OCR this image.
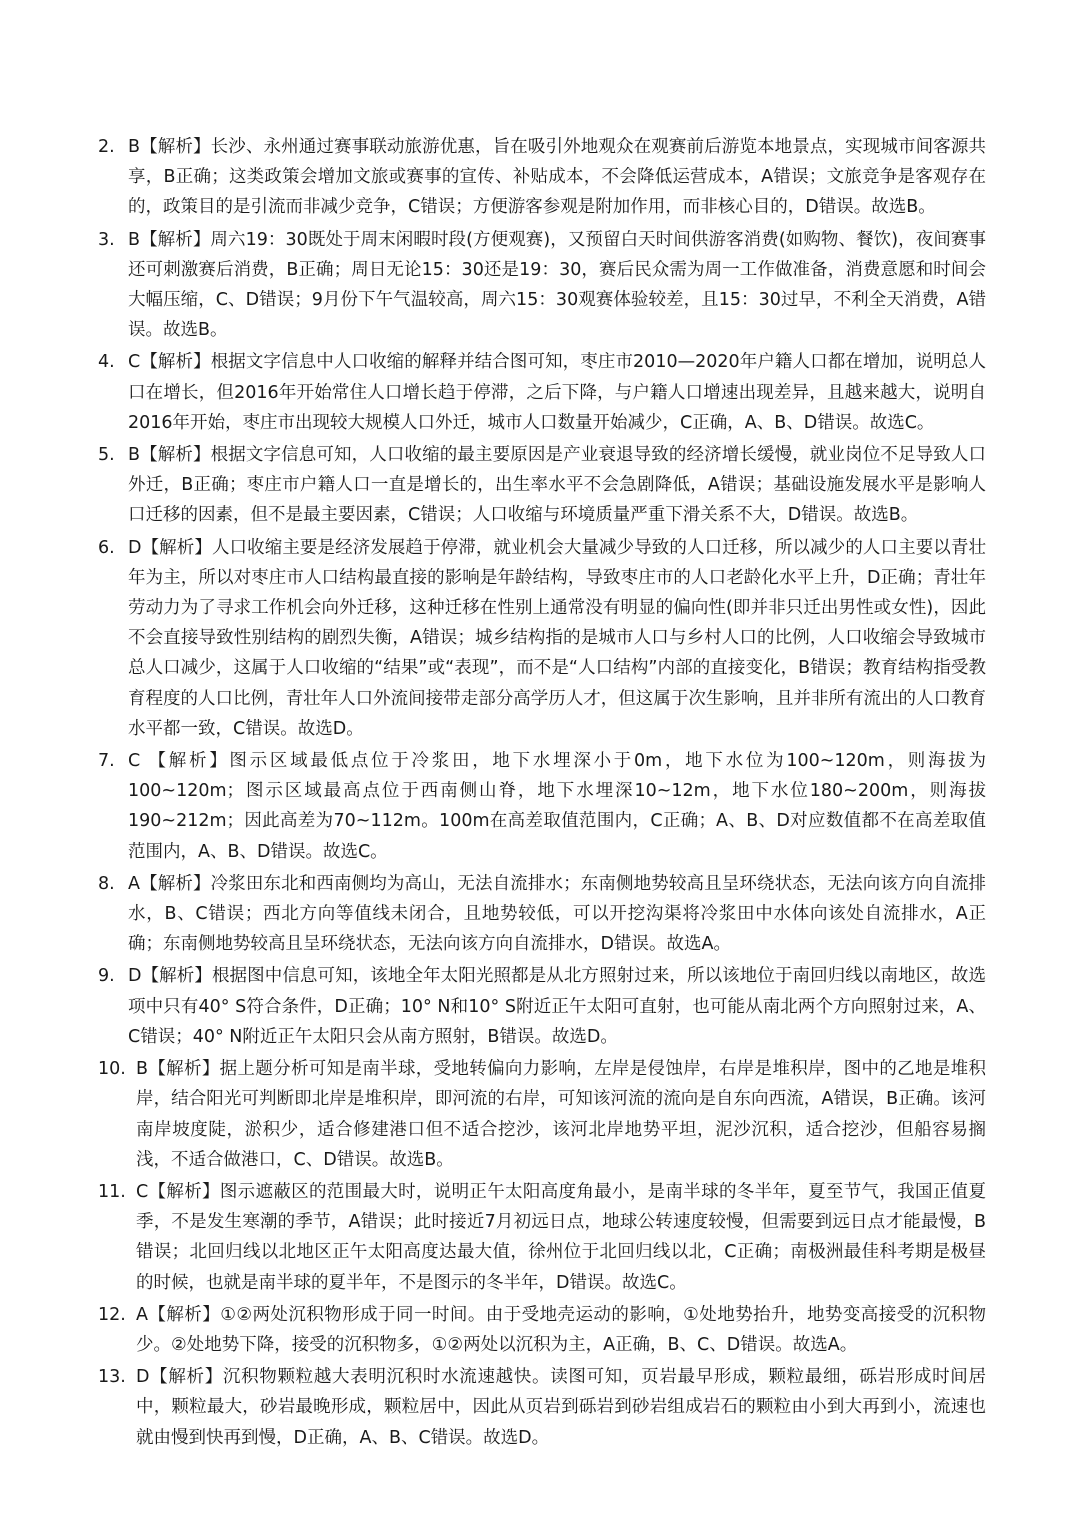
2. B【解析】长沙、永州通过赛事联动旅游优惠，旨在吸引外地观众在观赛前后游览本地景点，实现城市间客源共享，B正确；这类政策会增加文旅或赛事的宣传、补贴成本，不会降低运营成本，A错误；文旅竞争是客观存在的，政策目的是引流而非减少竞争，C错误；方便游客参观是附加作用，而非核心目的，D错误。故选B。
3. B【解析】周六19：30既处于周末闲暇时段(方便观赛)，又预留白天时间供游客消费(如购物、餐饮)，夜间赛事还可刺激赛后消费，B正确；周日无论15：30还是19：30，赛后民众需为周一工作做准备，消费意愿和时间会大幅压缩，C、D错误；9月份下午气温较高，周六15：30观赛体验较差，且15：30过早，不利全天消费，A错误。故选B。
4. C【解析】根据文字信息中人口收缩的解释并结合图可知，枣庄市2010—2020年户籍人口都在增加，说明总人口在增长，但2016年开始常住人口增长趋于停滞，之后下降，与户籍人口增速出现差异，且越来越大，说明自2016年开始，枣庄市出现较大规模人口外迁，城市人口数量开始减少，C正确，A、B、D错误。故选C。
5. B【解析】根据文字信息可知，人口收缩的最主要原因是产业衰退导致的经济增长缓慢，就业岗位不足导致人口外迁，B正确；枣庄市户籍人口一直是增长的，出生率水平不会急剧降低，A错误；基础设施发展水平是影响人口迁移的因素，但不是最主要因素，C错误；人口收缩与环境质量严重下滑关系不大，D错误。故选B。
6. D【解析】人口收缩主要是经济发展趋于停滞，就业机会大量减少导致的人口迁移，所以减少的人口主要以青壮年为主，所以对枣庄市人口结构最直接的影响是年龄结构，导致枣庄市的人口老龄化水平上升，D正确；青壮年劳动力为了寻求工作机会向外迁移，这种迁移在性别上通常没有明显的偏向性(即并非只迁出男性或女性)，因此不会直接导致性别结构的剧烈失衡，A错误；城乡结构指的是城市人口与乡村人口的比例，人口收缩会导致城市总人口减少，这属于人口收缩的“结果”或“表现”，而不是“人口结构”内部的直接变化，B错误；教育结构指受教育程度的人口比例，青壮年人口外流间接带走部分高学历人才，但这属于次生影响，且并非所有流出的人口教育水平都一致，C错误。故选D。
7. C 【解析】图示区域最低点位于冷浆田，地下水埋深小于0m，地下水位为100~120m，则海拔为100~120m；图示区域最高点位于西南侧山脊，地下水埋深10~12m，地下水位180~200m，则海拔190~212m；因此高差为70~112m。100m在高差取值范围内，C正确；A、B、D对应数值都不在高差取值范围内，A、B、D错误。故选C。
8. A【解析】冷浆田东北和西南侧均为高山，无法自流排水；东南侧地势较高且呈环绕状态，无法向该方向自流排水，B、C错误；西北方向等值线未闭合，且地势较低，可以开挖沟渠将冷浆田中水体向该处自流排水，A正确；东南侧地势较高且呈环绕状态，无法向该方向自流排水，D错误。故选A。
9. D【解析】根据图中信息可知，该地全年太阳光照都是从北方照射过来，所以该地位于南回归线以南地区，故选项中只有40° S符合条件，D正确；10° N和10° S附近正午太阳可直射，也可能从南北两个方向照射过来，A、C错误；40° N附近正午太阳只会从南方照射，B错误。故选D。
10. B【解析】据上题分析可知是南半球，受地转偏向力影响，左岸是侵蚀岸，右岸是堆积岸，图中的乙地是堆积岸，结合阳光可判断即北岸是堆积岸，即河流的右岸，可知该河流的流向是自东向西流，A错误，B正确。该河南岸坡度陡，淤积少，适合修建港口但不适合挖沙，该河北岸地势平坦，泥沙沉积，适合挖沙，但船容易搁浅，不适合做港口，C、D错误。故选B。
11. C【解析】图示遮蔽区的范围最大时，说明正午太阳高度角最小，是南半球的冬半年，夏至节气，我国正值夏季，不是发生寒潮的季节，A错误；此时接近7月初远日点，地球公转速度较慢，但需要到远日点才能最慢，B错误；北回归线以北地区正午太阳高度达最大值，徐州位于北回归线以北，C正确；南极洲最佳科考期是极昼的时候，也就是南半球的夏半年，不是图示的冬半年，D错误。故选C。
12. A【解析】①②两处沉积物形成于同一时间。由于受地壳运动的影响，①处地势抬升，地势变高接受的沉积物少。②处地势下降，接受的沉积物多，①②两处以沉积为主，A正确，B、C、D错误。故选A。
13. D【解析】沉积物颗粒越大表明沉积时水流速越快。读图可知，页岩最早形成，颗粒最细，砾岩形成时间居中，颗粒最大，砂岩最晚形成，颗粒居中，因此从页岩到砾岩到砂岩组成岩石的颗粒由小到大再到小，流速也就由慢到快再到慢，D正确，A、B、C错误。故选D。
